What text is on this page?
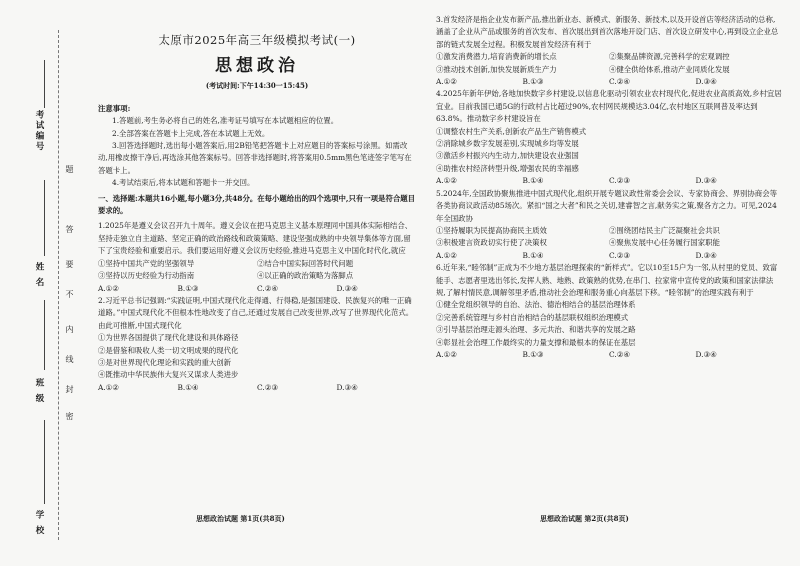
考试编号
姓 名
班 级
学 校
题
答
要
不
内
线
封
密
太原市2025年高三年级模拟考试(一)
思想政治
(考试时间:下午14:30一15:45)

注意事项:

1.答题前,考生务必将自己的姓名,准考证号填写在本试题相应的位置。

2.全部答案在答题卡上完成,答在本试题上无效。

3.回答选择题时,选出每小题答案后,用2B铅笔把答题卡上对应题目的答案标号涂黑。如需改动,用橡皮擦干净后,再选涂其他答案标号。回答非选择题时,将答案用0.5mm黑色笔迹签字笔写在答题卡上。

4.考试结束后,将本试题和答题卡一并交回。

一、选择题:本题共16小题,每小题3分,共48分。在每小题给出的四个选项中,只有一项是符合题目要求的。

1.2025年是遵义会议召开九十周年。遵义会议在把马克思主义基本原理同中国具体实际相结合、坚持走独立自主道路、坚定正确的政治路线和政策策略、建设坚强成熟的中央领导集体等方面,留下了宝贵经验和重要启示。我们要运用好遵义会议历史经验,推进马克思主义中国化时代化,就应

①坚持中国共产党的坚强领导	②结合中国实际回答时代问题
③坚持以历史经验为行动指南	④以正确的政治策略为落脚点
A.①②	B.①③	C.②④	D.③④

2.习近平总书记强调:“实践证明,中国式现代化走得通、行得稳,是强国建设、民族复兴的唯一正确道路。”中国式现代化不但根本性地改变了自己,还通过发展自己改变世界,改写了世界现代化范式。由此可推断,中国式现代化

①为世界各国提供了现代化建设和具体路径

②是借鉴和吸收人类一切文明成果的现代化

③是对世界现代化理论和实践的重大创新

④既推动中华民族伟大复兴又谋求人类进步

A.①②	B.①④	C.②③	D.③④

3.首发经济是指企业发布新产品,推出新业态、新模式、新服务、新技术,以及开设首店等经济活动的总称,涵盖了企业从产品或服务的首次发布、首次展出到首次落地开设门店、首次设立研发中心,再到设立企业总部的链式发展全过程。积极发展首发经济有利于

①激发消费潜力,培育消费新的增长点	②集聚品牌资源,完善科学的宏观调控
③推动技术创新,加快发展新质生产力	④健全供给体系,推动产业同质化发展
A.①②	B.①③	C.②④	D.③④

4.2025年新年伊始,各地加快数字乡村建设,以信息化驱动引领农业农村现代化,促进农业高质高效,乡村宜居宜业。目前我国已通5G的行政村占比超过90%,农村网民规模达3.04亿,农村地区互联网普及率达到63.8%。推动数字乡村建设旨在

①调整农村生产关系,创新农产品生产销售模式

②消除城乡数字发展差别,实现城乡均等发展

③激活乡村振兴内生动力,加快建设农业强国

④助推农村经济转型升级,增强农民的幸福感

A.①②	B.①④	C.②③	D.③④

5.2024年,全国政协聚焦推进中国式现代化,组织开展专题议政性常委会会议、专家协商会、界别协商会等各类协商议政活动85场次。紧扣“国之大者”和民之关切,建睿智之言,献务实之策,聚各方之力。可见,2024年全国政协

①坚持履职为民提高协商民主质效	②围绕团结民主广泛凝聚社会共识
③积极建言资政切实行使了决策权	④聚焦发展中心任务履行国家职能
A.①②	B.①④	C.②③	D.③④

6.近年来,“睦邻制”正成为不少地方基层治理探索的“新样式”。它以10至15户为一邻,从村里的党员、致富能手、志愿者里选出邻长,发挥人熟、地熟、政策熟的优势,在串门、拉家常中宣传党的政策和国家法律法规,了解村情民意,调解邻里矛盾,推动社会治理和服务重心向基层下移。“睦邻制”的治理实践有利于

①健全党组织领导的自治、法治、德治相结合的基层治理体系

②完善系统管理与乡村自治相结合的基层联权组织治理模式

③引导基层治理走源头治理、多元共治、和谐共享的发展之路

④彰显社会治理工作最终实的力量支撑和最根本的保证在基层

A.①②	B.①③	C.②④	D.③④
思想政治试题 第1页(共8页)	思想政治试题 第2页(共8页)
